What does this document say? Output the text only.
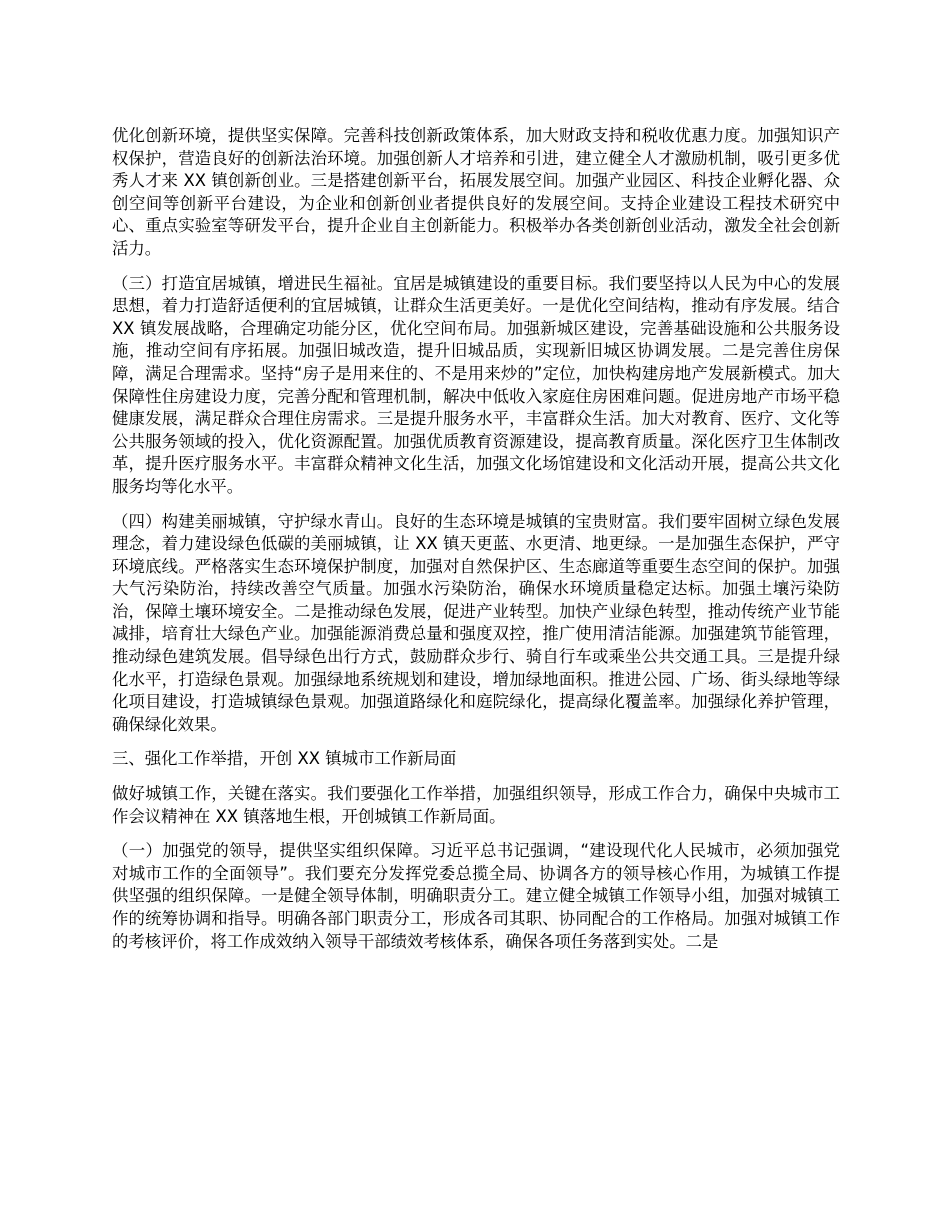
优化创新环境，提供坚实保障。完善科技创新政策体系，加大财政支持和税收优惠力度。加强知识产权保护，营造良好的创新法治环境。加强创新人才培养和引进，建立健全人才激励机制，吸引更多优秀人才来 XX 镇创新创业。三是搭建创新平台，拓展发展空间。加强产业园区、科技企业孵化器、众创空间等创新平台建设，为企业和创新创业者提供良好的发展空间。支持企业建设工程技术研究中心、重点实验室等研发平台，提升企业自主创新能力。积极举办各类创新创业活动，激发全社会创新活力。

（三）打造宜居城镇，增进民生福祉。宜居是城镇建设的重要目标。我们要坚持以人民为中心的发展思想，着力打造舒适便利的宜居城镇，让群众生活更美好。一是优化空间结构，推动有序发展。结合 XX 镇发展战略，合理确定功能分区，优化空间布局。加强新城区建设，完善基础设施和公共服务设施，推动空间有序拓展。加强旧城改造，提升旧城品质，实现新旧城区协调发展。二是完善住房保障，满足合理需求。坚持“房子是用来住的、不是用来炒的”定位，加快构建房地产发展新模式。加大保障性住房建设力度，完善分配和管理机制，解决中低收入家庭住房困难问题。促进房地产市场平稳健康发展，满足群众合理住房需求。三是提升服务水平，丰富群众生活。加大对教育、医疗、文化等公共服务领域的投入，优化资源配置。加强优质教育资源建设，提高教育质量。深化医疗卫生体制改革，提升医疗服务水平。丰富群众精神文化生活，加强文化场馆建设和文化活动开展，提高公共文化服务均等化水平。

（四）构建美丽城镇，守护绿水青山。良好的生态环境是城镇的宝贵财富。我们要牢固树立绿色发展理念，着力建设绿色低碳的美丽城镇，让 XX 镇天更蓝、水更清、地更绿。一是加强生态保护，严守环境底线。严格落实生态环境保护制度，加强对自然保护区、生态廊道等重要生态空间的保护。加强大气污染防治，持续改善空气质量。加强水污染防治，确保水环境质量稳定达标。加强土壤污染防治，保障土壤环境安全。二是推动绿色发展，促进产业转型。加快产业绿色转型，推动传统产业节能减排，培育壮大绿色产业。加强能源消费总量和强度双控，推广使用清洁能源。加强建筑节能管理，推动绿色建筑发展。倡导绿色出行方式，鼓励群众步行、骑自行车或乘坐公共交通工具。三是提升绿化水平，打造绿色景观。加强绿地系统规划和建设，增加绿地面积。推进公园、广场、街头绿地等绿化项目建设，打造城镇绿色景观。加强道路绿化和庭院绿化，提高绿化覆盖率。加强绿化养护管理，确保绿化效果。

三、强化工作举措，开创 XX 镇城市工作新局面

做好城镇工作，关键在落实。我们要强化工作举措，加强组织领导，形成工作合力，确保中央城市工作会议精神在 XX 镇落地生根，开创城镇工作新局面。

（一）加强党的领导，提供坚实组织保障。习近平总书记强调，“建设现代化人民城市，必须加强党对城市工作的全面领导”。我们要充分发挥党委总揽全局、协调各方的领导核心作用，为城镇工作提供坚强的组织保障。一是健全领导体制，明确职责分工。建立健全城镇工作领导小组，加强对城镇工作的统筹协调和指导。明确各部门职责分工，形成各司其职、协同配合的工作格局。加强对城镇工作的考核评价，将工作成效纳入领导干部绩效考核体系，确保各项任务落到实处。二是
